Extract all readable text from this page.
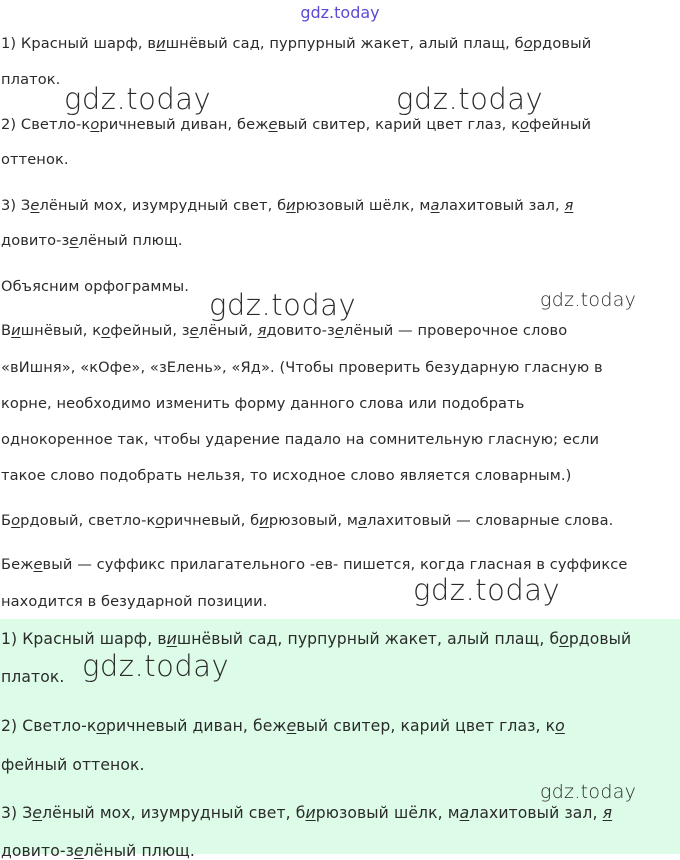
gdz.today
1) Красный шарф, вишнёвый сад, пурпурный жакет, алый плащ, бордовый
платок.
2) Светло-коричневый диван, бежевый свитер, карий цвет глаз, кофейный
оттенок.
3) Зелёный мох, изумрудный свет, бирюзовый шёлк, малахитовый зал, я
довито-зелёный плющ.
Объясним орфограммы.
Вишнёвый, кофейный, зелёный, ядовито-зелёный — проверочное слово
«вИшня», «кОфе», «зЕлень», «Яд». (Чтобы проверить безударную гласную в
корне, необходимо изменить форму данного слова или подобрать
однокоренное так, чтобы ударение падало на сомнительную гласную; если
такое слово подобрать нельзя, то исходное слово является словарным.)
Бордовый, светло-коричневый, бирюзовый, малахитовый — словарные слова.
Бежевый — суффикс прилагательного -ев- пишется, когда гласная в суффиксе
находится в безударной позиции.
1) Красный шарф, вишнёвый сад, пурпурный жакет, алый плащ, бордовый
платок.
2) Светло-коричневый диван, бежевый свитер, карий цвет глаз, ко
фейный оттенок.
3) Зелёный мох, изумрудный свет, бирюзовый шёлк, малахитовый зал, я
довито-зелёный плющ.
gdz.today	gdz.today
gdz.today	gdz.today
gdz.today
gdz.today
gdz.today
